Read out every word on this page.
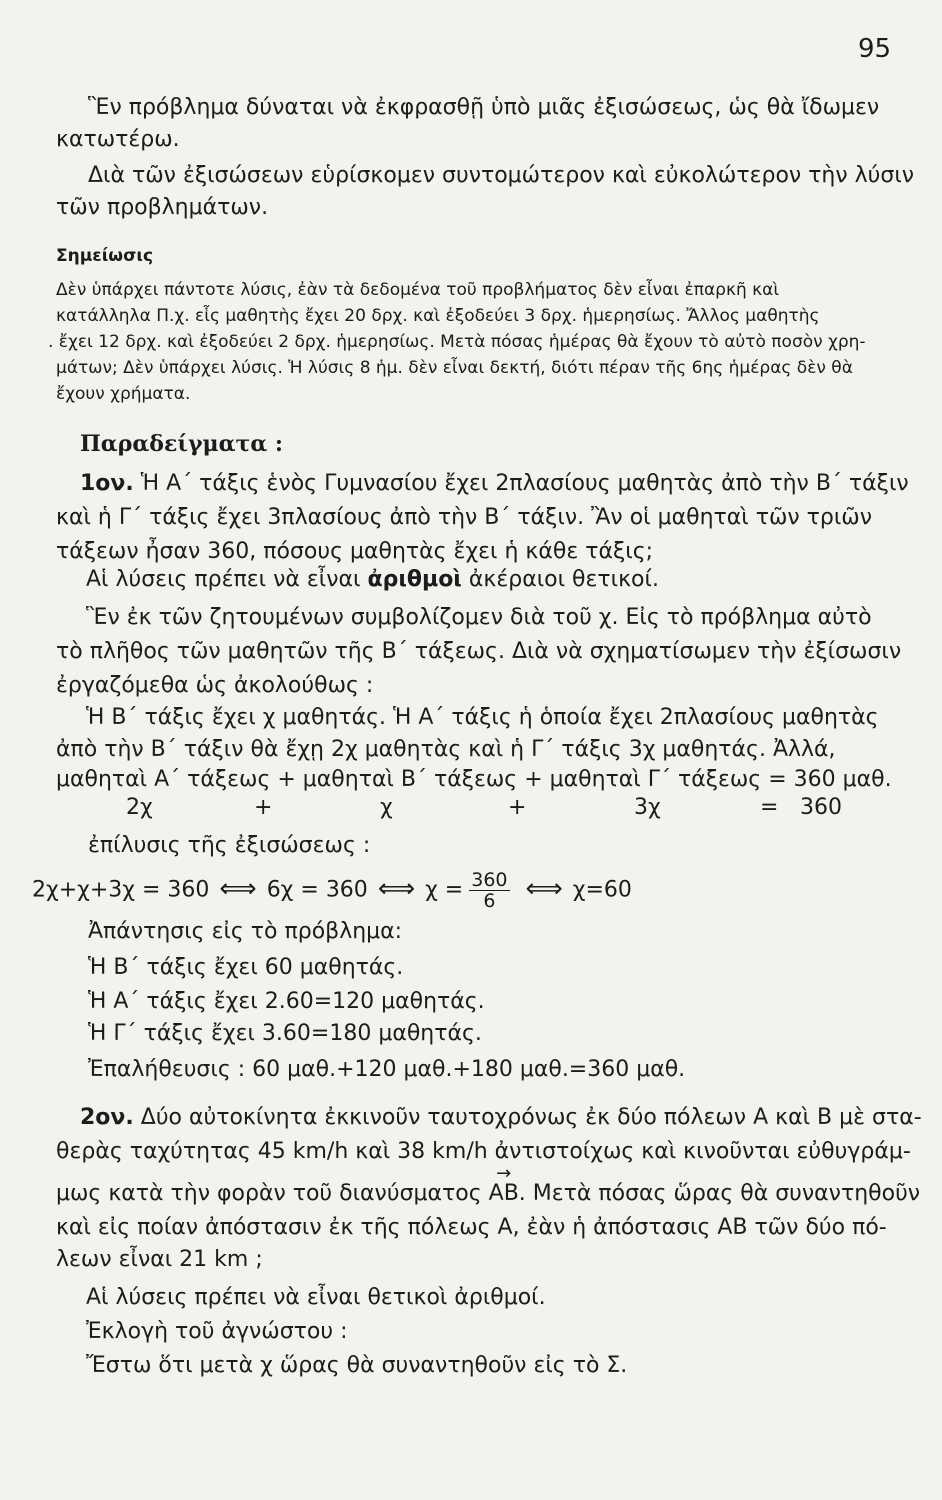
95
Ἓν πρόβλημα δύναται νὰ ἐκφρασθῇ ὑπὸ μιᾶς ἐξισώσεως, ὡς θὰ ἴδωμεν
κατωτέρω.
Διὰ τῶν ἐξισώσεων εὑρίσκομεν συντομώτερον καὶ εὐκολώτερον τὴν λύσιν
τῶν προβλημάτων.
Σημείωσις
Δὲν ὑπάρχει πάντοτε λύσις, ἐὰν τὰ δεδομένα τοῦ προβλήματος δὲν εἶναι ἐπαρκῆ καὶ
κατάλληλα Π.χ. εἷς μαθητὴς ἔχει 20 δρχ. καὶ ἐξοδεύει 3 δρχ. ἡμερησίως. Ἄλλος μαθητὴς
. ἔχει 12 δρχ. καὶ ἐξοδεύει 2 δρχ. ἡμερησίως. Μετὰ πόσας ἡμέρας θὰ ἔχουν τὸ αὐτὸ ποσὸν χρη-
μάτων; Δὲν ὑπάρχει λύσις. Ἡ λύσις 8 ἡμ. δὲν εἶναι δεκτή, διότι πέραν τῆς 6ης ἡμέρας δὲν θὰ
ἔχουν χρήματα.
Παραδείγματα :
1ον. Ἡ Α΄ τάξις ἑνὸς Γυμνασίου ἔχει 2πλασίους μαθητὰς ἀπὸ τὴν Β΄ τάξιν
καὶ ἡ Γ΄ τάξις ἔχει 3πλασίους ἀπὸ τὴν Β΄ τάξιν. Ἂν οἱ μαθηταὶ τῶν τριῶν
τάξεων ἦσαν 360, πόσους μαθητὰς ἔχει ἡ κάθε τάξις;
Αἱ λύσεις πρέπει νὰ εἶναι ἀριθμοὶ ἀκέραιοι θετικοί.
Ἓν ἐκ τῶν ζητουμένων συμβολίζομεν διὰ τοῦ χ. Εἰς τὸ πρόβλημα αὐτὸ
τὸ πλῆθος τῶν μαθητῶν τῆς Β΄ τάξεως. Διὰ νὰ σχηματίσωμεν τὴν ἐξίσωσιν
ἐργαζόμεθα ὡς ἀκολούθως :
Ἡ Β΄ τάξις ἔχει χ μαθητάς. Ἡ Α΄ τάξις ἡ ὁποία ἔχει 2πλασίους μαθητὰς
ἀπὸ τὴν Β΄ τάξιν θὰ ἔχῃ 2χ μαθητὰς καὶ ἡ Γ΄ τάξις 3χ μαθητάς. Ἀλλά,
μαθηταὶ Α΄ τάξεως + μαθηταὶ Β΄ τάξεως + μαθηταὶ Γ΄ τάξεως = 360 μαθ.
2χ	+	χ	+	3χ	= 360
ἐπίλυσις τῆς ἐξισώσεως :
2χ+χ+3χ = 360 ⟺ 6χ = 360 ⟺ $\chi = \frac{360}{6}$ ⟺ χ=60
Ἀπάντησις εἰς τὸ πρόβλημα:
Ἡ Β΄ τάξις ἔχει 60 μαθητάς.
Ἡ Α΄ τάξις ἔχει 2.60=120 μαθητάς.
Ἡ Γ΄ τάξις ἔχει 3.60=180 μαθητάς.
Ἐπαλήθευσις : 60 μαθ.+120 μαθ.+180 μαθ.=360 μαθ.
2ον. Δύο αὐτοκίνητα ἐκκινοῦν ταυτοχρόνως ἐκ δύο πόλεων Α καὶ Β μὲ στα-
θερὰς ταχύτητας 45 km/h καὶ 38 km/h ἀντιστοίχως καὶ κινοῦνται εὐθυγράμ-
μως κατὰ τὴν φορὰν τοῦ διανύσματος
→
ΑΒ. Μετὰ πόσας ὥρας θὰ συναντηθοῦν
καὶ εἰς ποίαν ἀπόστασιν ἐκ τῆς πόλεως Α, ἐὰν ἡ ἀπόστασις ΑΒ τῶν δύο πό-
λεων εἶναι 21 km ;
Αἱ λύσεις πρέπει νὰ εἶναι θετικοὶ ἀριθμοί.
Ἐκλογὴ τοῦ ἀγνώστου :
Ἔστω ὅτι μετὰ χ ὥρας θὰ συναντηθοῦν εἰς τὸ Σ.
